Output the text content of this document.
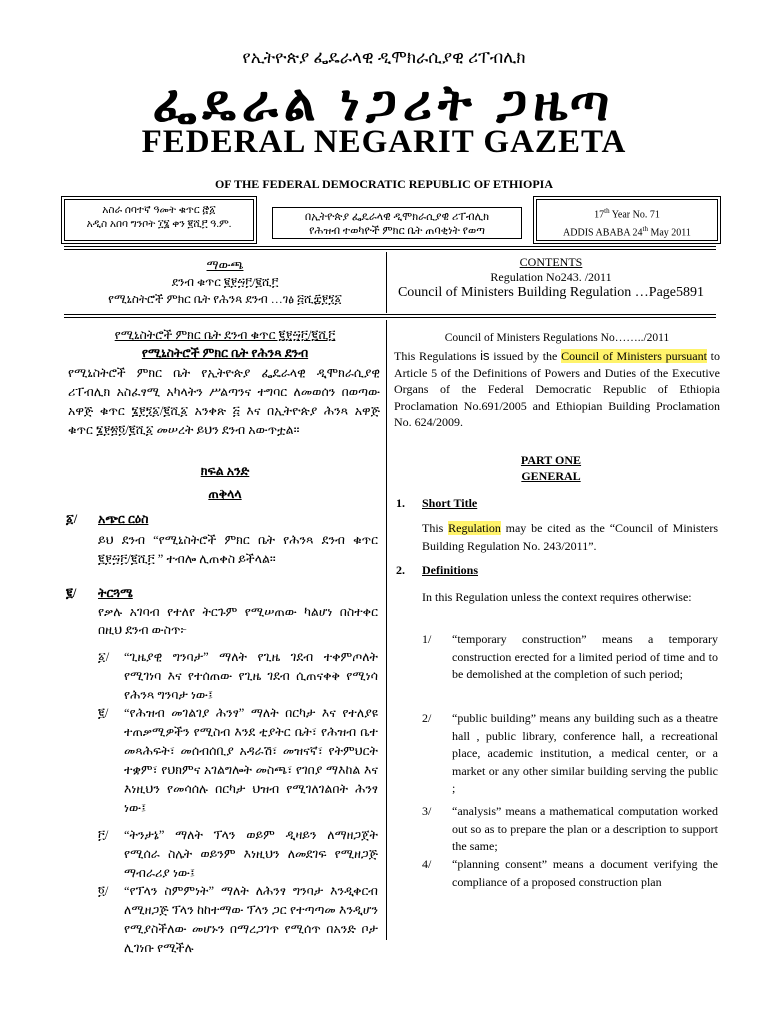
የኢትዮጵያ ፌዴራላዊ ዲሞክራሲያዊ ሪፐብሊክ
ፌዴራል ነጋሪት ጋዜጣ
FEDERAL NEGARIT GAZETA
OF THE FEDERAL DEMOCRATIC REPUBLIC OF ETHIOPIA
አስራ ሰባተኛ ዓመት ቁጥር ፸፩
አዲስ አበባ ግንቦት ፲፮ ቀን ፪ሺ፫ ዓ.ም.
በኢትዮጵያ ፌዴራላዊ ዲሞክራሲያዊ ሪፐብሊክ
የሕዝብ ተወካዮች ምክር ቤት ጠባቂነት የወጣ
17th Year No. 71
ADDIS ABABA 24th May 2011
ማውጫ
ደንብ ቁጥር ፪፻፵፫/፪ሺ፫
የሚኒስትሮች ምክር ቤት የሕንጻ ደንብ …ገፅ ፭ሺ፰፻፺፩
CONTENTS
Regulation No243. /2011
Council of Ministers Building Regulation …Page5891
የሚኒስትሮች ምክር ቤት ደንብ ቁጥር ፪፻፵፫/፪ሺ፫
የሚኒስትሮች ምክር ቤት የሕንጻ ደንብ
የሚኒስትሮች ምክር ቤት የኢትዮጵያ ፌዴራላዊ ዲሞክራሲያዊ ሪፐብሊክ አስፈፃሚ አካላትን ሥልጣንና ተግባር ለመወሰን በወጣው አዋጅ ቁጥር ፮፻፺፩/፪ሺ፩ አንቀጽ ፭ እና በኢትዮጵያ ሕንጻ አዋጅ ቁጥር ፮፻፳፬/፪ሺ፩ መሠረት ይህን ደንብ አውጥቷል።
ክፍል አንድ
ጠቅላላ
፩/ አጭር ርዕስ
ይህ ደንብ “የሚኒስትሮች ምክር ቤት የሕንጻ ደንብ ቁጥር ፪፻፵፫/፪ሺ፫ ” ተብሎ ሊጠቀስ ይችላል።
፪/ ትርጓሜ
የቃሉ አገባብ የተለየ ትርጉም የሚሠጠው ካልሆነ በስተቀር በዚህ ደንብ ውስጥ፦
፩/ “ጊዜያዊ ግንባታ” ማለት የጊዜ ገደብ ተቀምጦለት የሚገነባ እና የተሰጠው የጊዜ ገደብ ሲጠናቀቅ የሚነሳ የሕንጻ ግንባታ ነው፤
፪/ “የሕዝብ መገልገያ ሕንፃ” ማለት በርካታ እና የተለያዩ ተጠቃሚዎችን የሚስብ እንደ ቲያትር ቤት፣ የሕዝብ ቤተ መጻሕፍት፣ መሰብሰቢያ አዳራሽ፣ መዝናኛ፣ የትምህርት ተቋም፣ የህክምና አገልግሎት መስጫ፣ የገበያ ማእከል እና እነዚህን የመሳሰሉ በርካታ ህዝብ የሚገለገልበት ሕንፃ ነው፤
፫/ “ትንታኔ” ማለት ፕላን ወይም ዲዛይን ለማዘጋጀት የሚሰራ ስሌት ወይንም እነዚህን ለመደገፍ የሚዘጋጅ ማብራሪያ ነው፤
፬/ “የፕላን ስምምነት” ማለት ለሕንፃ ግንባታ እንዲቀርብ ለሚዘጋጅ ፕላን ከከተማው ፕላን ጋር የተጣጣመ እንዲሆን የሚያስችለው መሆኑን በማረጋገጥ የሚሰጥ በአንድ ቦታ ሊገነቡ የሚችሉ
Council of Ministers Regulations No……../2011
This Regulations is issued by the Council of Ministers pursuant to Article 5 of the Definitions of Powers and Duties of the Executive Organs of the Federal Democratic Republic of Ethiopia Proclamation No.691/2005 and Ethiopian Building Proclamation No. 624/2009.
PART ONE
GENERAL
1. Short Title
This Regulation may be cited as the “Council of Ministers Building Regulation No. 243/2011”.
2. Definitions
In this Regulation unless the context requires otherwise:
1/ “temporary construction” means a temporary construction erected for a limited period of time and to be demolished at the completion of such period;
2/ “public building” means any building such as a theatre hall , public library, conference hall, a recreational place, academic institution, a medical center, or a market or any other similar building serving the public ;
3/ “analysis” means a mathematical computation worked out so as to prepare the plan or a description to support the same;
4/ “planning consent” means a document verifying the compliance of a proposed construction plan
